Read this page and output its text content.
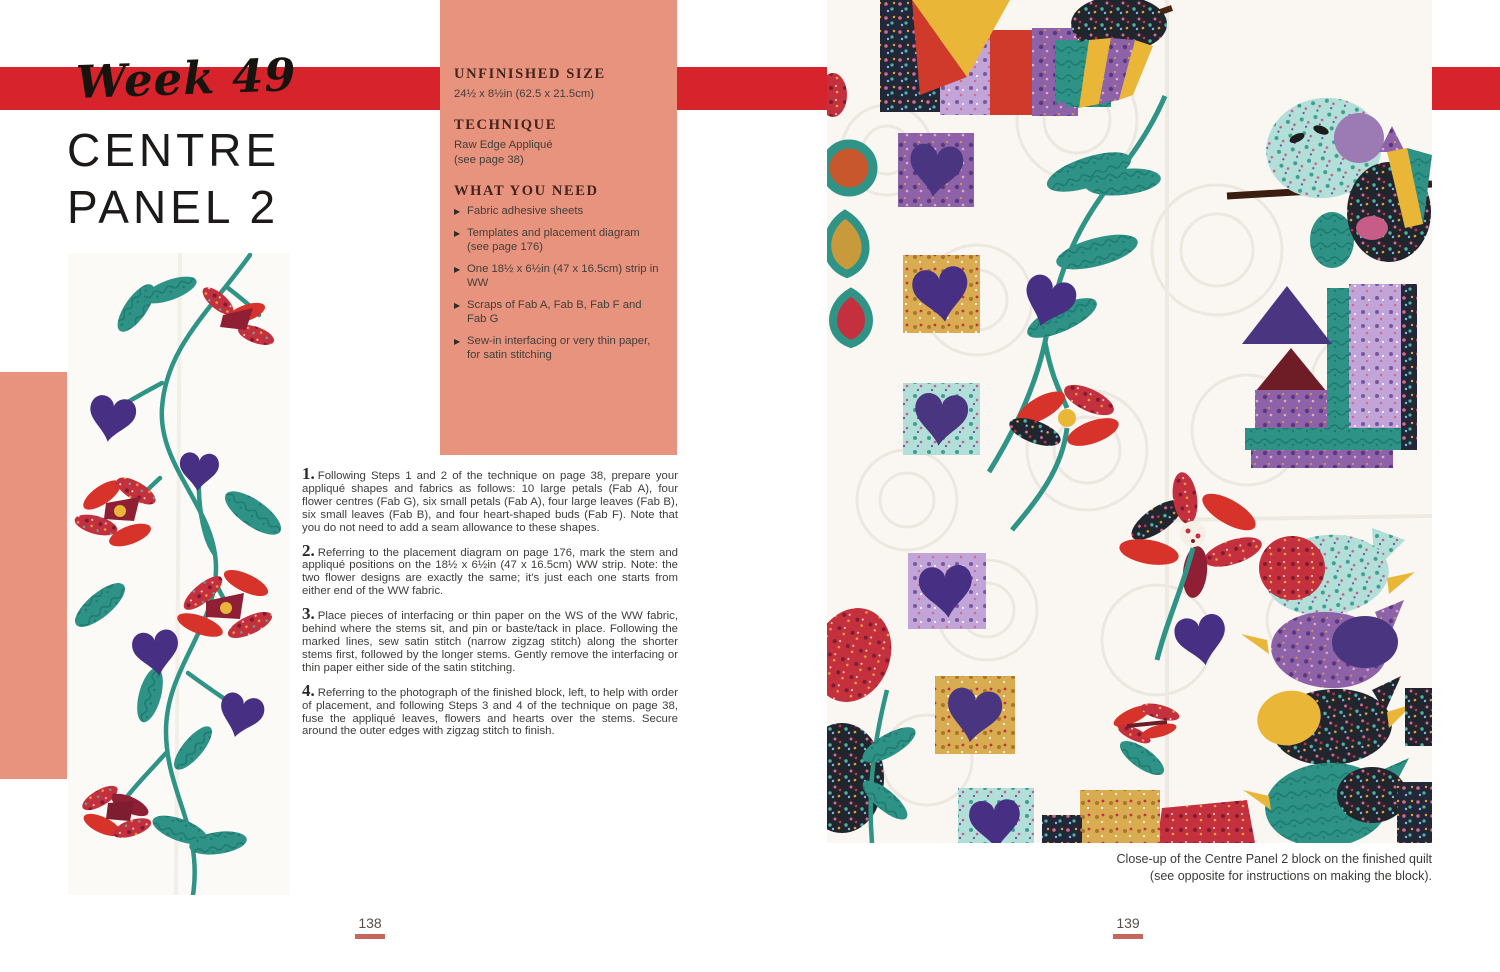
Week 49
CENTRE
PANEL 2
UNFINISHED SIZE

24½ x 8½in (62.5 x 21.5cm)

TECHNIQUE

Raw Edge Appliqué

(see page 38)

WHAT YOU NEED
▶ Fabric adhesive sheets
▶ Templates and placement diagram (see page 176)
▶ One 18½ x 6½in (47 x 16.5cm) strip in WW
▶ Scraps of Fab A, Fab B, Fab F and Fab G
▶ Sew-in interfacing or very thin paper, for satin stitching

1. Following Steps 1 and 2 of the technique on page 38, prepare your appliqué shapes and fabrics as follows: 10 large petals (Fab A), four flower centres (Fab G), six small petals (Fab A), four large leaves (Fab B), six small leaves (Fab B), and four heart-shaped buds (Fab F). Note that you do not need to add a seam allowance to these shapes.

2. Referring to the placement diagram on page 176, mark the stem and appliqué positions on the 18½ x 6½in (47 x 16.5cm) WW strip. Note: the two flower designs are exactly the same; it's just each one starts from either end of the WW fabric.

3. Place pieces of interfacing or thin paper on the WS of the WW fabric, behind where the stems sit, and pin or baste/tack in place. Following the marked lines, sew satin stitch (narrow zigzag stitch) along the shorter stems first, followed by the longer stems. Gently remove the interfacing or thin paper either side of the satin stitching.

4. Referring to the photograph of the finished block, left, to help with order of placement, and following Steps 3 and 4 of the technique on page 38, fuse the appliqué leaves, flowers and hearts over the stems. Secure around the outer edges with zigzag stitch to finish.

Close-up of the Centre Panel 2 block on the finished quilt
(see opposite for instructions on making the block).
138	139
